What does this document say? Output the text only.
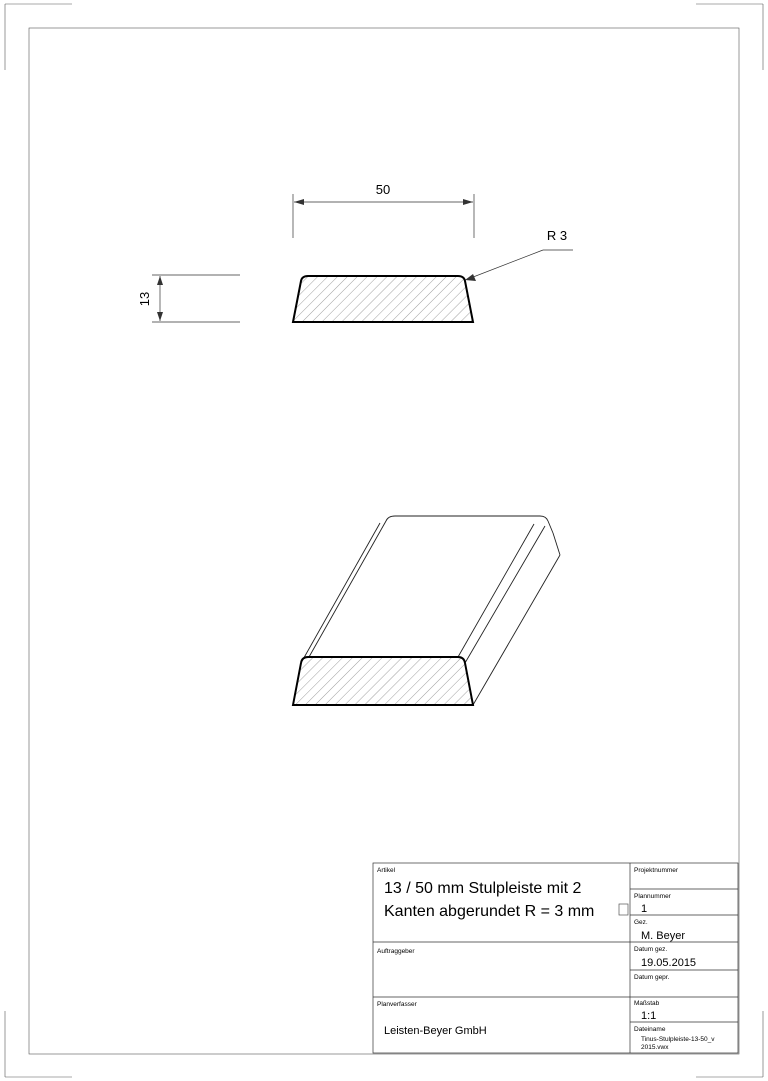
50
13
R 3
Artikel
13 / 50 mm Stulpleiste mit 2
Kanten abgerundet R = 3 mm
Auftraggeber
Planverfasser
Leisten-Beyer GmbH
Projektnummer
Plannummer
1
Gez.
M. Beyer
Datum gez.
19.05.2015
Datum gepr.
Maßstab
1:1
Dateiname
Tinus-Stulpleiste-13-50_v
2015.vwx
